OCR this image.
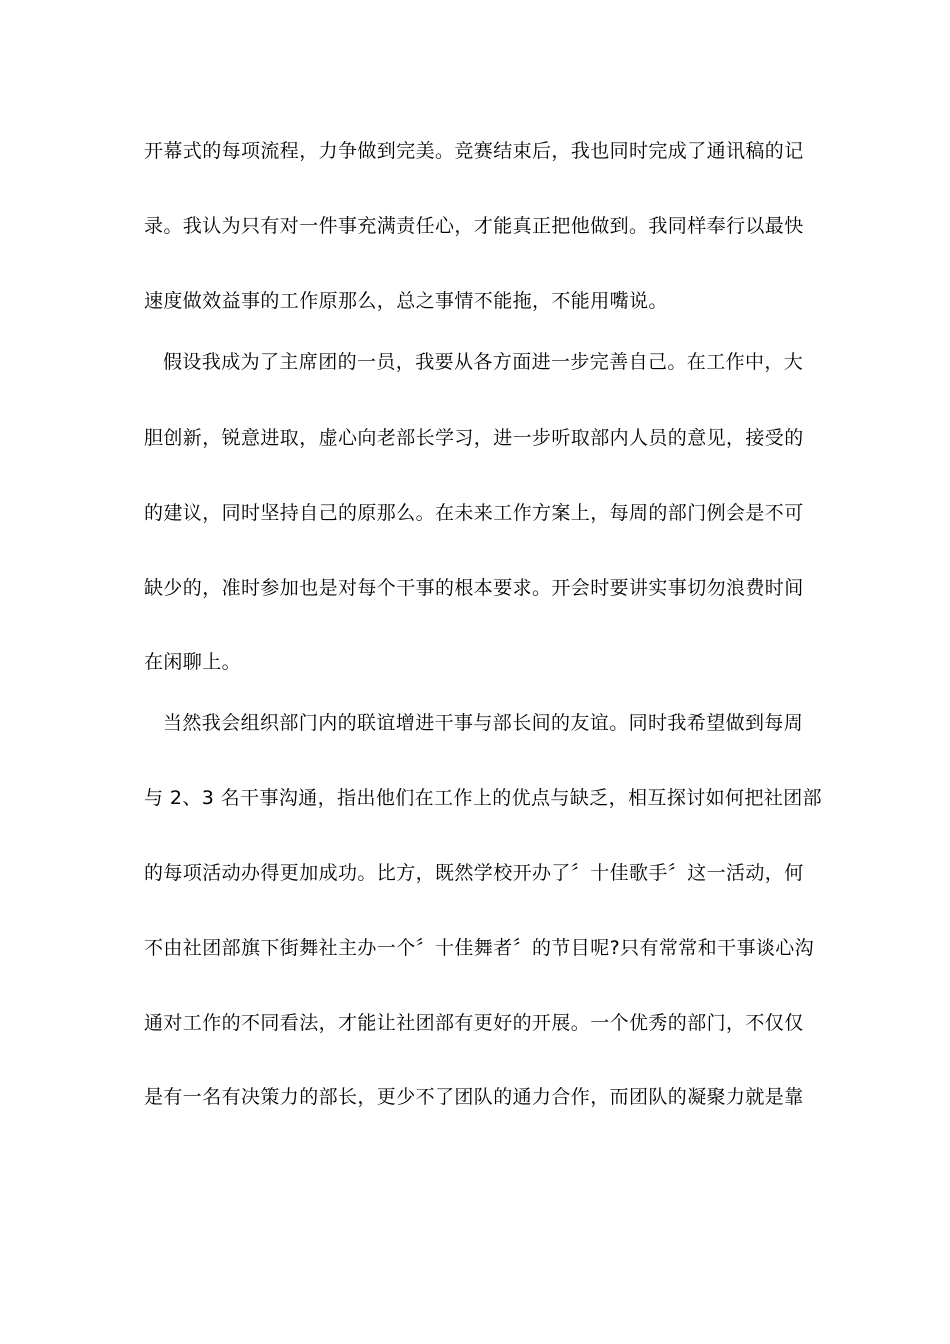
开幕式的每项流程，力争做到完美。竞赛结束后，我也同时完成了通讯稿的记
录。我认为只有对一件事充满责任心，才能真正把他做到。我同样奉行以最快
速度做效益事的工作原那么，总之事情不能拖，不能用嘴说。
假设我成为了主席团的一员，我要从各方面进一步完善自己。在工作中，大
胆创新，锐意进取，虚心向老部长学习，进一步听取部内人员的意见，接受的
的建议，同时坚持自己的原那么。在未来工作方案上，每周的部门例会是不可
缺少的，准时参加也是对每个干事的根本要求。开会时要讲实事切勿浪费时间
在闲聊上。
当然我会组织部门内的联谊增进干事与部长间的友谊。同时我希望做到每周
与 2、3 名干事沟通，指出他们在工作上的优点与缺乏，相互探讨如何把社团部
的每项活动办得更加成功。比方，既然学校开办了〞十佳歌手〞这一活动，何
不由社团部旗下街舞社主办一个〞十佳舞者〞的节目呢?只有常常和干事谈心沟
通对工作的不同看法，才能让社团部有更好的开展。一个优秀的部门，不仅仅
是有一名有决策力的部长，更少不了团队的通力合作，而团队的凝聚力就是靠
